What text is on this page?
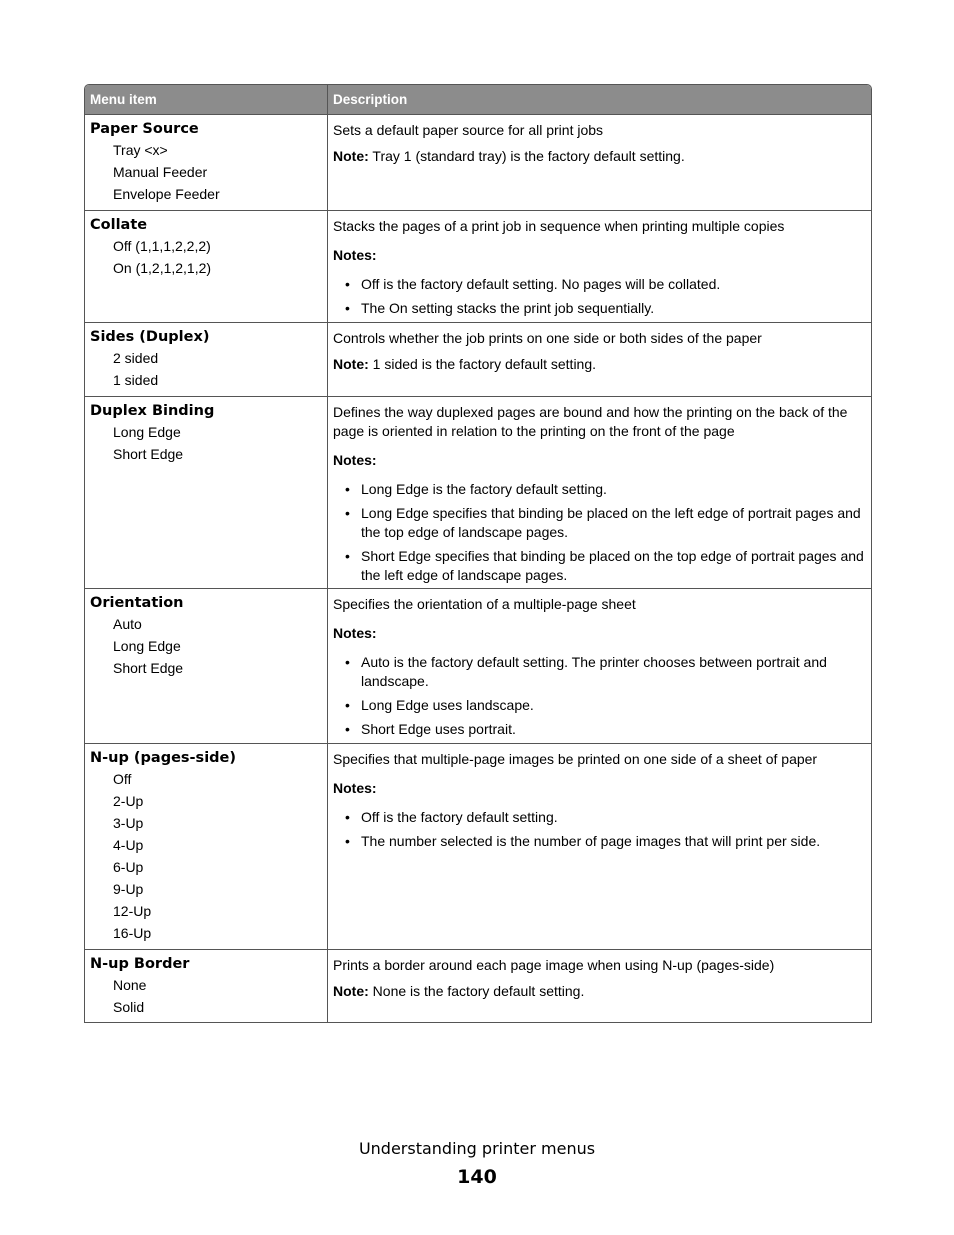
Menu item	Description
Paper Source
Tray <x>
Manual Feeder
Envelope Feeder

Sets a default paper source for all print jobs

Note: Tray 1 (standard tray) is the factory default setting.
Collate
Off (1,1,1,2,2,2)
On (1,2,1,2,1,2)

Stacks the pages of a print job in sequence when printing multiple copies

Notes:
• Off is the factory default setting. No pages will be collated.
• The On setting stacks the print job sequentially.
Sides (Duplex)
2 sided
1 sided

Controls whether the job prints on one side or both sides of the paper

Note: 1 sided is the factory default setting.
Duplex Binding
Long Edge
Short Edge

Defines the way duplexed pages are bound and how the printing on the back of the page is oriented in relation to the printing on the front of the page

Notes:
• Long Edge is the factory default setting.
• Long Edge specifies that binding be placed on the left edge of portrait pages and the top edge of landscape pages.
• Short Edge specifies that binding be placed on the top edge of portrait pages and the left edge of landscape pages.
Orientation
Auto
Long Edge
Short Edge

Specifies the orientation of a multiple-page sheet

Notes:
• Auto is the factory default setting. The printer chooses between portrait and landscape.
• Long Edge uses landscape.
• Short Edge uses portrait.
N-up (pages-side)
Off
2-Up
3-Up
4-Up
6-Up
9-Up
12-Up
16-Up

Specifies that multiple-page images be printed on one side of a sheet of paper

Notes:
• Off is the factory default setting.
• The number selected is the number of page images that will print per side.
N-up Border
None
Solid

Prints a border around each page image when using N-up (pages-side)

Note: None is the factory default setting.
Understanding printer menus
140
